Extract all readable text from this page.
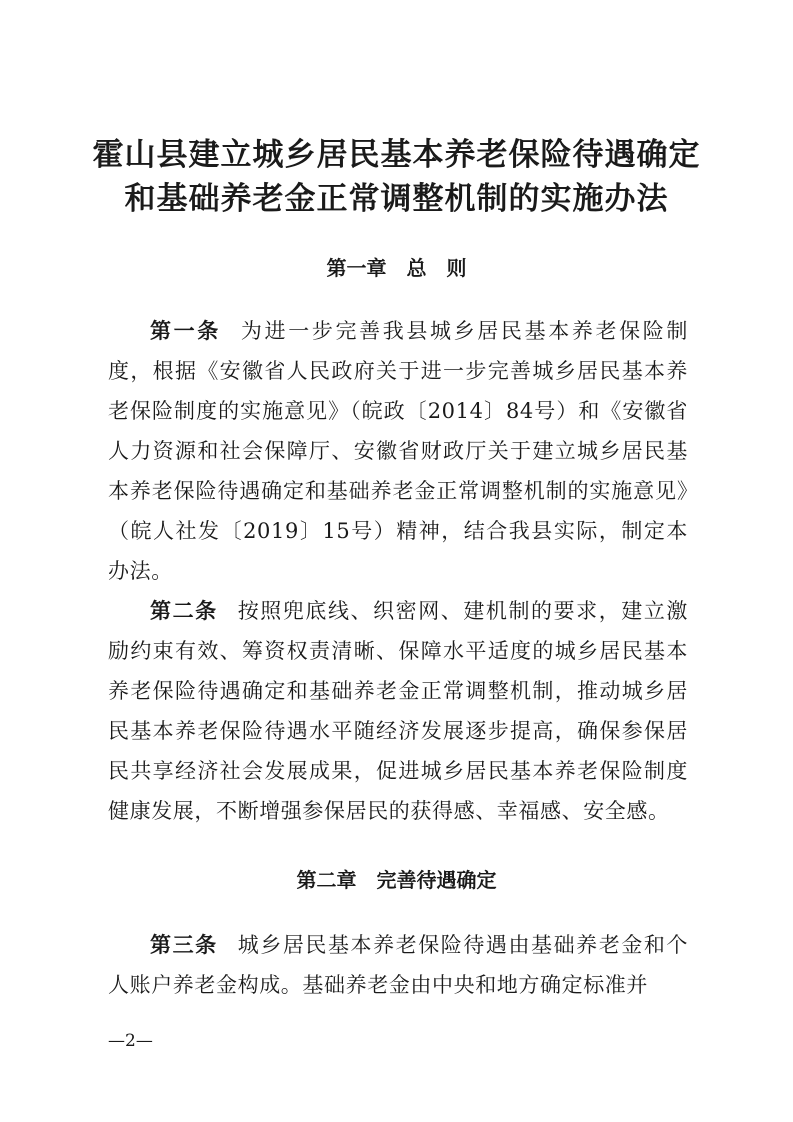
霍山县建立城乡居民基本养老保险待遇确定
和基础养老金正常调整机制的实施办法
第一章　总　则

第一条 为进一步完善我县城乡居民基本养老保险制度，根据《安徽省人民政府关于进一步完善城乡居民基本养老保险制度的实施意见》（皖政〔2014〕84号）和《安徽省人力资源和社会保障厅、安徽省财政厅关于建立城乡居民基本养老保险待遇确定和基础养老金正常调整机制的实施意见》（皖人社发〔2019〕15号）精神，结合我县实际，制定本办法。

第二条 按照兜底线、织密网、建机制的要求，建立激励约束有效、筹资权责清晰、保障水平适度的城乡居民基本养老保险待遇确定和基础养老金正常调整机制，推动城乡居民基本养老保险待遇水平随经济发展逐步提高，确保参保居民共享经济社会发展成果，促进城乡居民基本养老保险制度健康发展，不断增强参保居民的获得感、幸福感、安全感。

第二章　完善待遇确定

第三条 城乡居民基本养老保险待遇由基础养老金和个人账户养老金构成。基础养老金由中央和地方确定标准并

—2—
